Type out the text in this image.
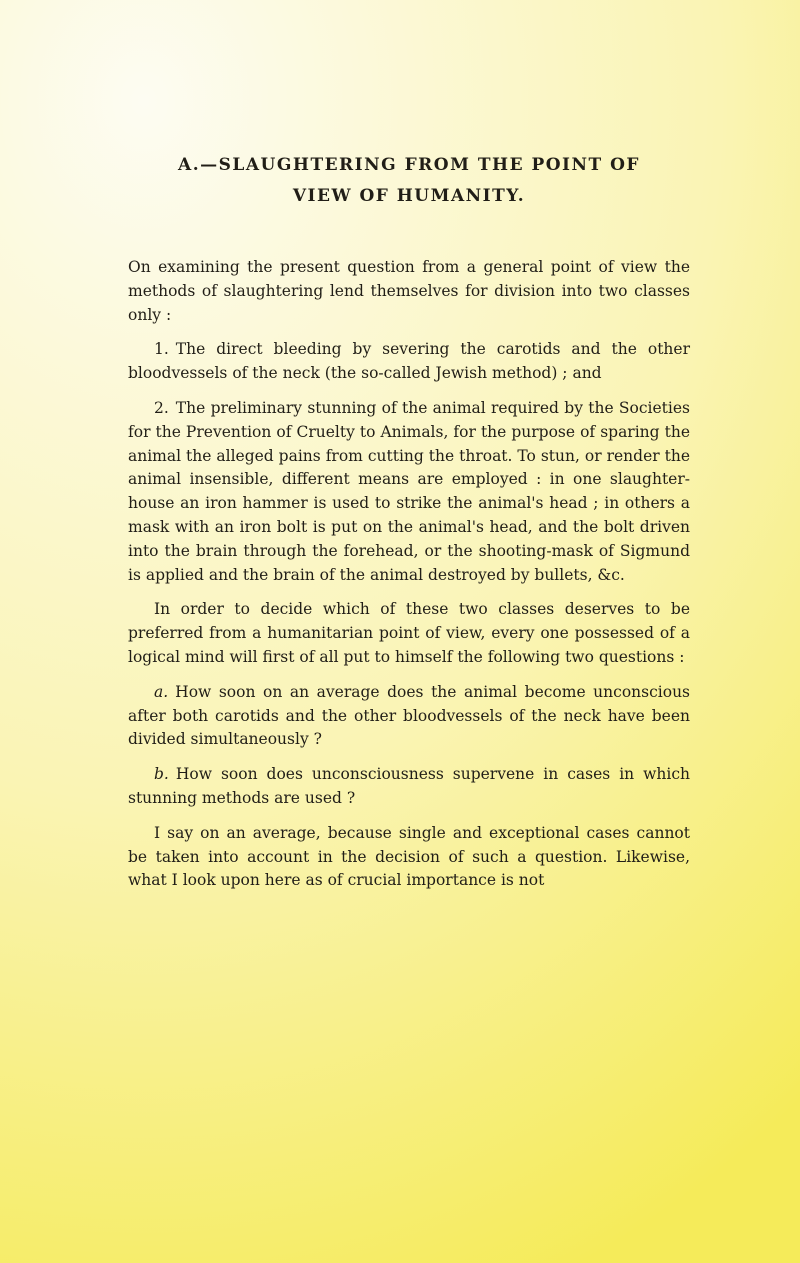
A.—SLAUGHTERING FROM THE POINT OF
VIEW OF HUMANITY.

On examining the present question from a general point of view the methods of slaughtering lend themselves for division into two classes only :

1. The direct bleeding by severing the carotids and the other bloodvessels of the neck (the so-called Jewish method) ; and

2. The preliminary stunning of the animal required by the Societies for the Prevention of Cruelty to Animals, for the purpose of sparing the animal the alleged pains from cutting the throat. To stun, or render the animal insensible, different means are employed : in one slaughter-house an iron hammer is used to strike the animal's head ; in others a mask with an iron bolt is put on the animal's head, and the bolt driven into the brain through the forehead, or the shooting-mask of Sigmund is applied and the brain of the animal destroyed by bullets, &c.

In order to decide which of these two classes deserves to be preferred from a humanitarian point of view, every one possessed of a logical mind will first of all put to himself the following two questions :

a. How soon on an average does the animal become unconscious after both carotids and the other bloodvessels of the neck have been divided simultaneously ?

b. How soon does unconsciousness supervene in cases in which stunning methods are used ?

I say on an average, because single and exceptional cases cannot be taken into account in the decision of such a question. Likewise, what I look upon here as of crucial importance is not
